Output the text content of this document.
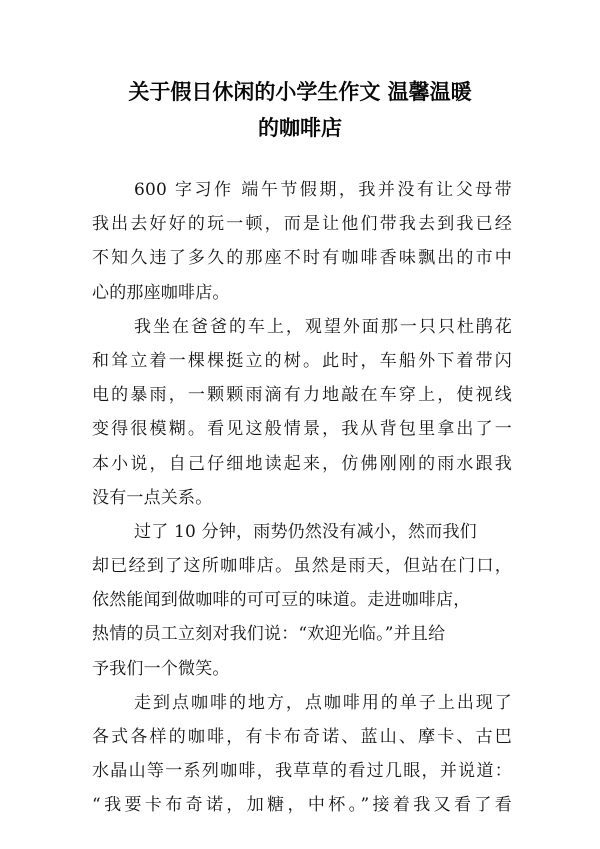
关于假日休闲的小学生作文 温馨温暖
的咖啡店
600 字习作 端午节假期，我并没有让父母带
我出去好好的玩一顿，而是让他们带我去到我已经
不知久违了多久的那座不时有咖啡香味飘出的市中
心的那座咖啡店。
我坐在爸爸的车上，观望外面那一只只杜鹃花
和耸立着一棵棵挺立的树。此时，车船外下着带闪
电的暴雨，一颗颗雨滴有力地敲在车穿上，使视线
变得很模糊。看见这般情景，我从背包里拿出了一
本小说，自己仔细地读起来，仿佛刚刚的雨水跟我
没有一点关系。
过了 10 分钟，雨势仍然没有减小，然而我们
却已经到了这所咖啡店。虽然是雨天，但站在门口，
依然能闻到做咖啡的可可豆的味道。走进咖啡店，
热情的员工立刻对我们说：“欢迎光临。”并且给
予我们一个微笑。
走到点咖啡的地方，点咖啡用的单子上出现了
各式各样的咖啡，有卡布奇诺、蓝山、摩卡、古巴
水晶山等一系列咖啡，我草草的看过几眼，并说道：
“我要卡布奇诺，加糖，中杯。”接着我又看了看
